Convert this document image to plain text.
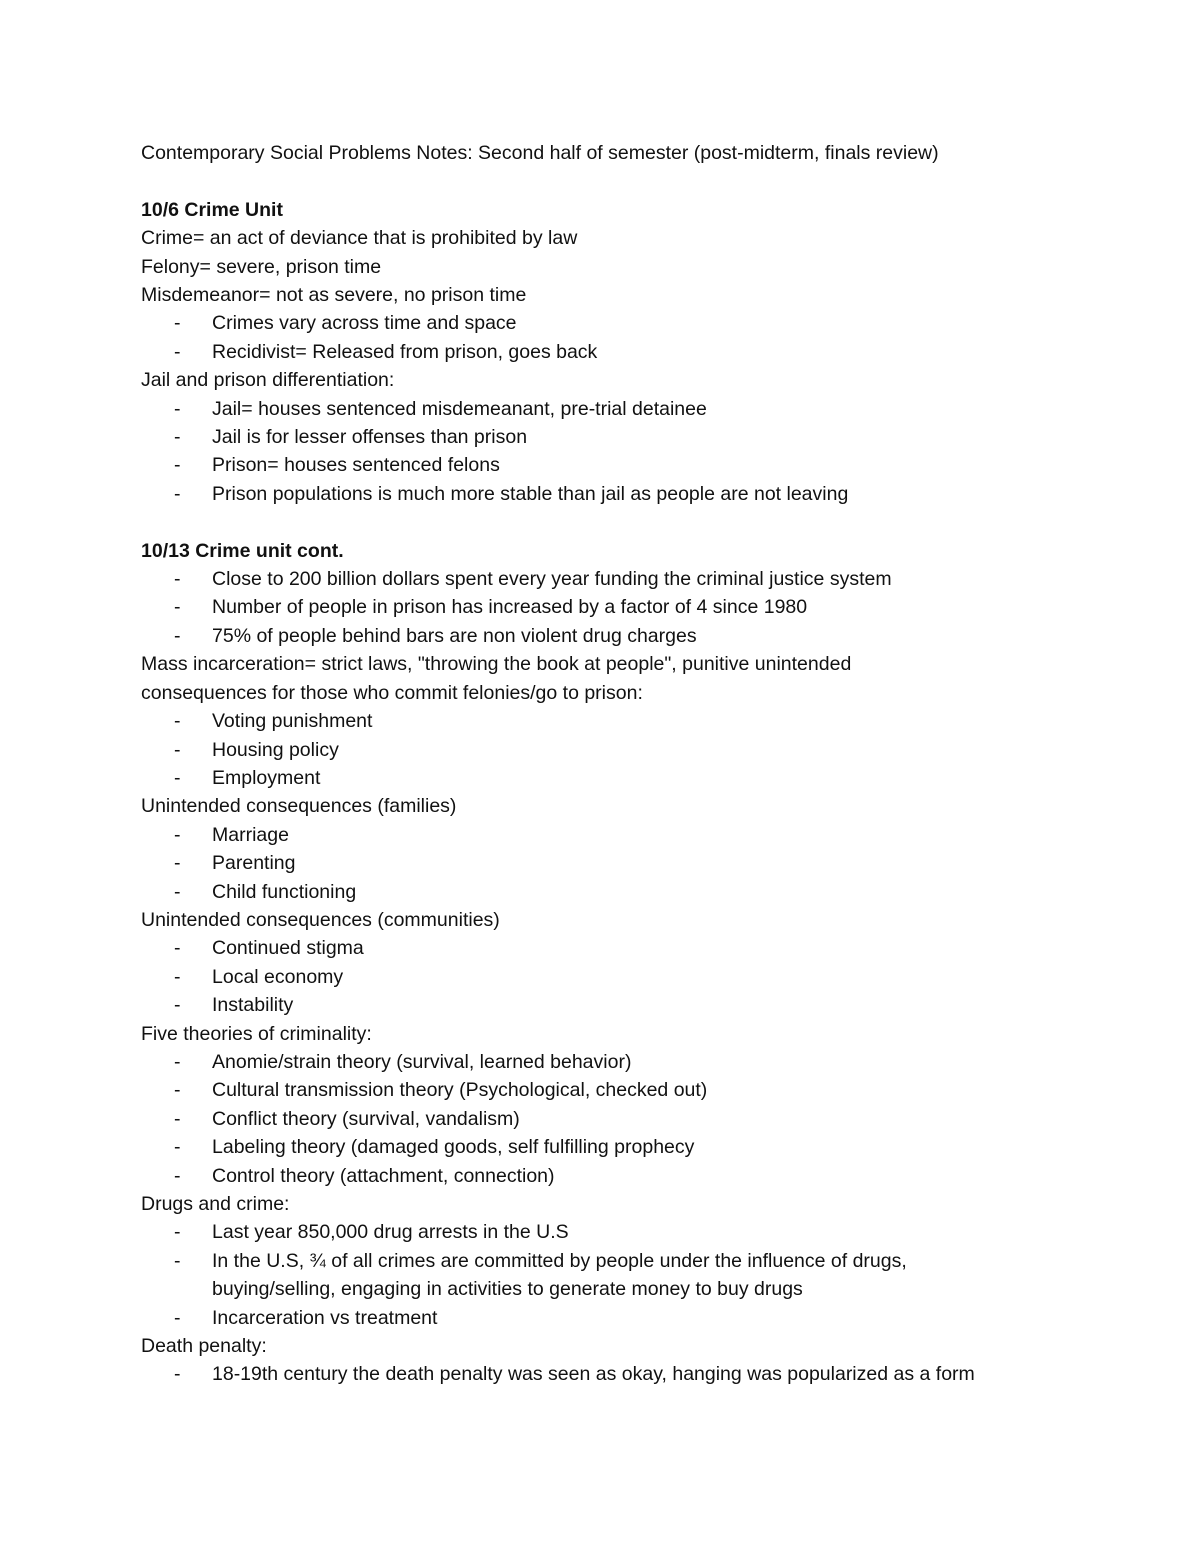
Contemporary Social Problems Notes: Second half of semester (post-midterm, finals review)

10/6 Crime Unit

Crime= an act of deviance that is prohibited by law

Felony= severe, prison time

Misdemeanor= not as severe, no prison time

- Crimes vary across time and space
- Recidivist= Released from prison, goes back

Jail and prison differentiation:

- Jail= houses sentenced misdemeanant, pre-trial detainee
- Jail is for lesser offenses than prison
- Prison= houses sentenced felons
- Prison populations is much more stable than jail as people are not leaving

10/13 Crime unit cont.

- Close to 200 billion dollars spent every year funding the criminal justice system
- Number of people in prison has increased by a factor of 4 since 1980
- 75% of people behind bars are non violent drug charges

Mass incarceration= strict laws, "throwing the book at people", punitive unintended

consequences for those who commit felonies/go to prison:

- Voting punishment
- Housing policy
- Employment

Unintended consequences (families)

- Marriage
- Parenting
- Child functioning

Unintended consequences (communities)

- Continued stigma
- Local economy
- Instability

Five theories of criminality:

- Anomie/strain theory (survival, learned behavior)
- Cultural transmission theory (Psychological, checked out)
- Conflict theory (survival, vandalism)
- Labeling theory (damaged goods, self fulfilling prophecy
- Control theory (attachment, connection)

Drugs and crime:

- Last year 850,000 drug arrests in the U.S
- In the U.S, ¾ of all crimes are committed by people under the influence of drugs,
buying/selling, engaging in activities to generate money to buy drugs
- Incarceration vs treatment

Death penalty:

- 18-19th century the death penalty was seen as okay, hanging was popularized as a form
